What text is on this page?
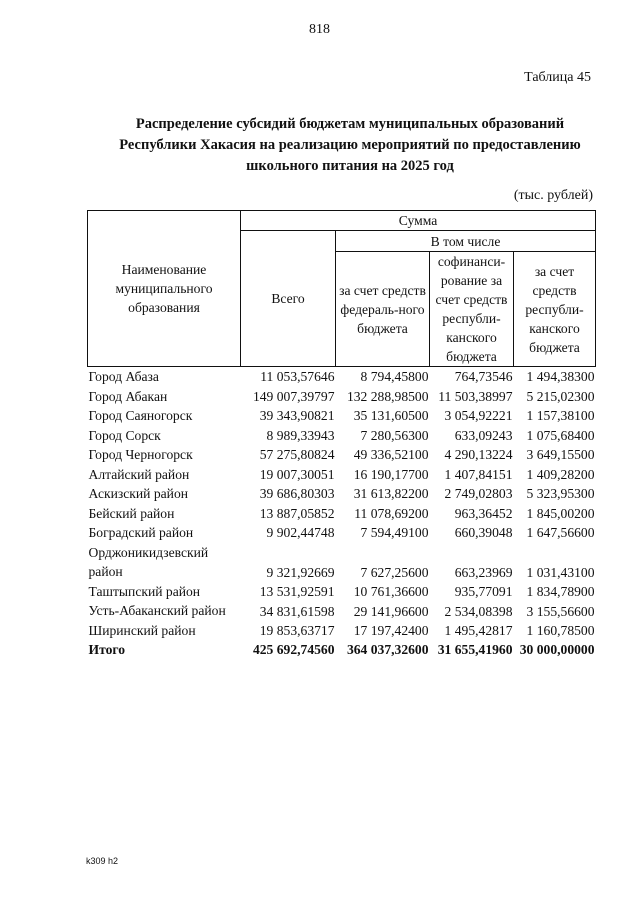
818
Таблица 45
Распределение субсидий бюджетам муниципальных образований
Республики Хакасия на реализацию мероприятий по предоставлению
школьного питания на 2025 год
(тыс. рублей)
Наименование муниципального образования	Сумма			
	Всего	В том числе		
		за счет средств федераль-ного бюджета	софинанси-рование за счет средств республи-канского бюджета	за счет средств республи-канского бюджета
Город Абаза	11 053,57646	8 794,45800	764,73546	1 494,38300
Город Абакан	149 007,39797	132 288,98500	11 503,38997	5 215,02300
Город Саяногорск	39 343,90821	35 131,60500	3 054,92221	1 157,38100
Город Сорск	8 989,33943	7 280,56300	633,09243	1 075,68400
Город Черногорск	57 275,80824	49 336,52100	4 290,13224	3 649,15500
Алтайский район	19 007,30051	16 190,17700	1 407,84151	1 409,28200
Аскизский район	39 686,80303	31 613,82200	2 749,02803	5 323,95300
Бейский район	13 887,05852	11 078,69200	963,36452	1 845,00200
Боградский район	9 902,44748	7 594,49100	660,39048	1 647,56600
Орджоникидзевский район	9 321,92669	7 627,25600	663,23969	1 031,43100
Таштыпский район	13 531,92591	10 761,36600	935,77091	1 834,78900
Усть-Абаканский район	34 831,61598	29 141,96600	2 534,08398	3 155,56600
Ширинский район	19 853,63717	17 197,42400	1 495,42817	1 160,78500
Итого	425 692,74560	364 037,32600	31 655,41960	30 000,00000
k309 h2
